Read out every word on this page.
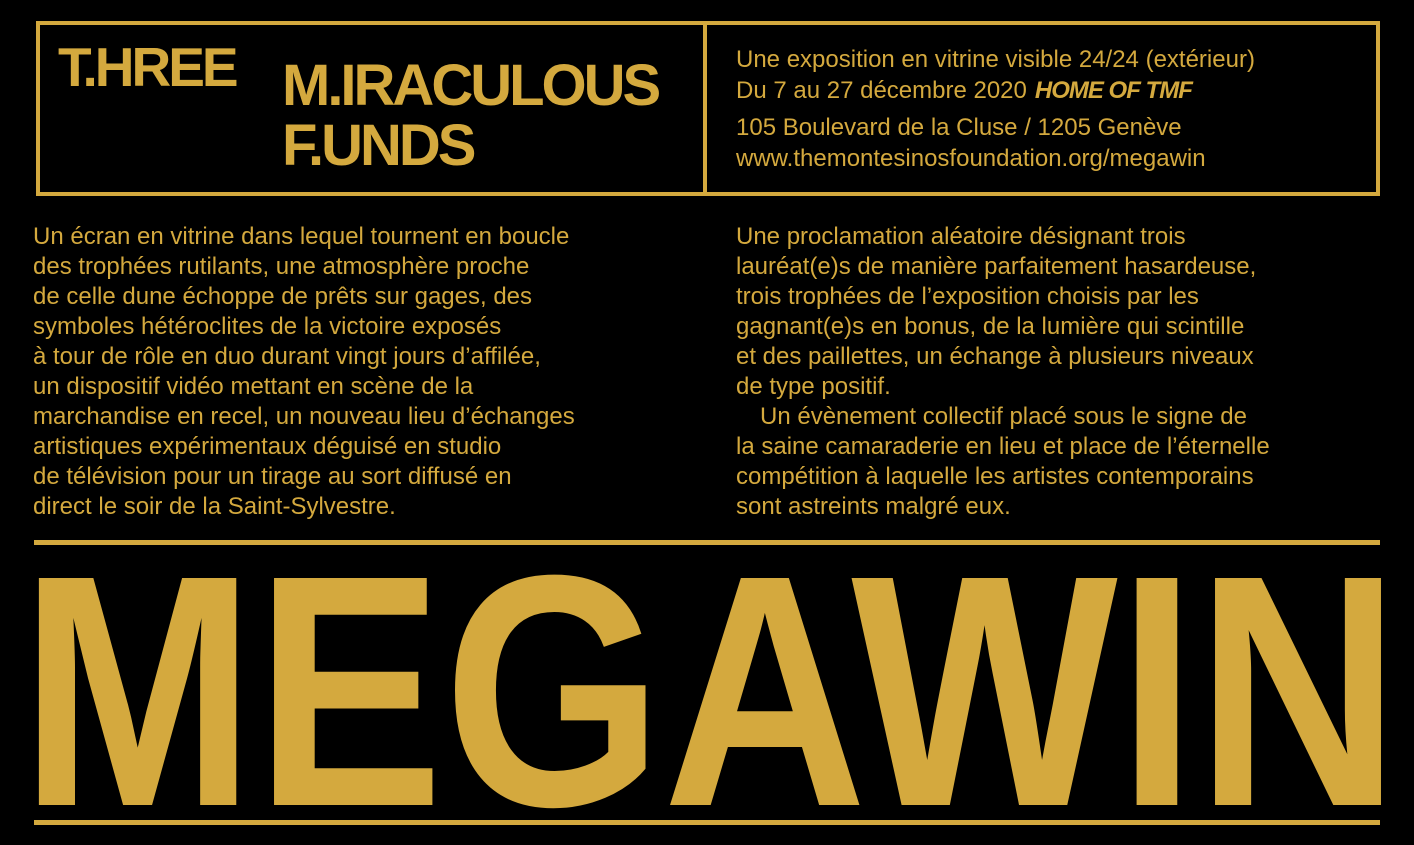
T.HREE M.IRACULOUS
F.UNDS
Une exposition en vitrine visible 24/24 (extérieur)
Du 7 au 27 décembre 2020 HOME OF TMF
105 Boulevard de la Cluse / 1205 Genève
www.themontesinosfoundation.org/megawin
Un écran en vitrine dans lequel tournent en boucle
des trophées rutilants, une atmosphère proche
de celle dune échoppe de prêts sur gages, des
symboles hétéroclites de la victoire exposés
à tour de rôle en duo durant vingt jours d’affilée,
un dispositif vidéo mettant en scène de la
marchandise en recel, un nouveau lieu d’échanges
artistiques expérimentaux déguisé en studio
de télévision pour un tirage au sort diffusé en
direct le soir de la Saint-Sylvestre.
Une proclamation aléatoire désignant trois
lauréat(e)s de manière parfaitement hasardeuse,
trois trophées de l’exposition choisis par les
gagnant(e)s en bonus, de la lumière qui scintille
et des paillettes, un échange à plusieurs niveaux
de type positif.
Un évènement collectif placé sous le signe de
la saine camaraderie en lieu et place de l’éternelle
compétition à laquelle les artistes contemporains
sont astreints malgré eux.
MEGAWIN
